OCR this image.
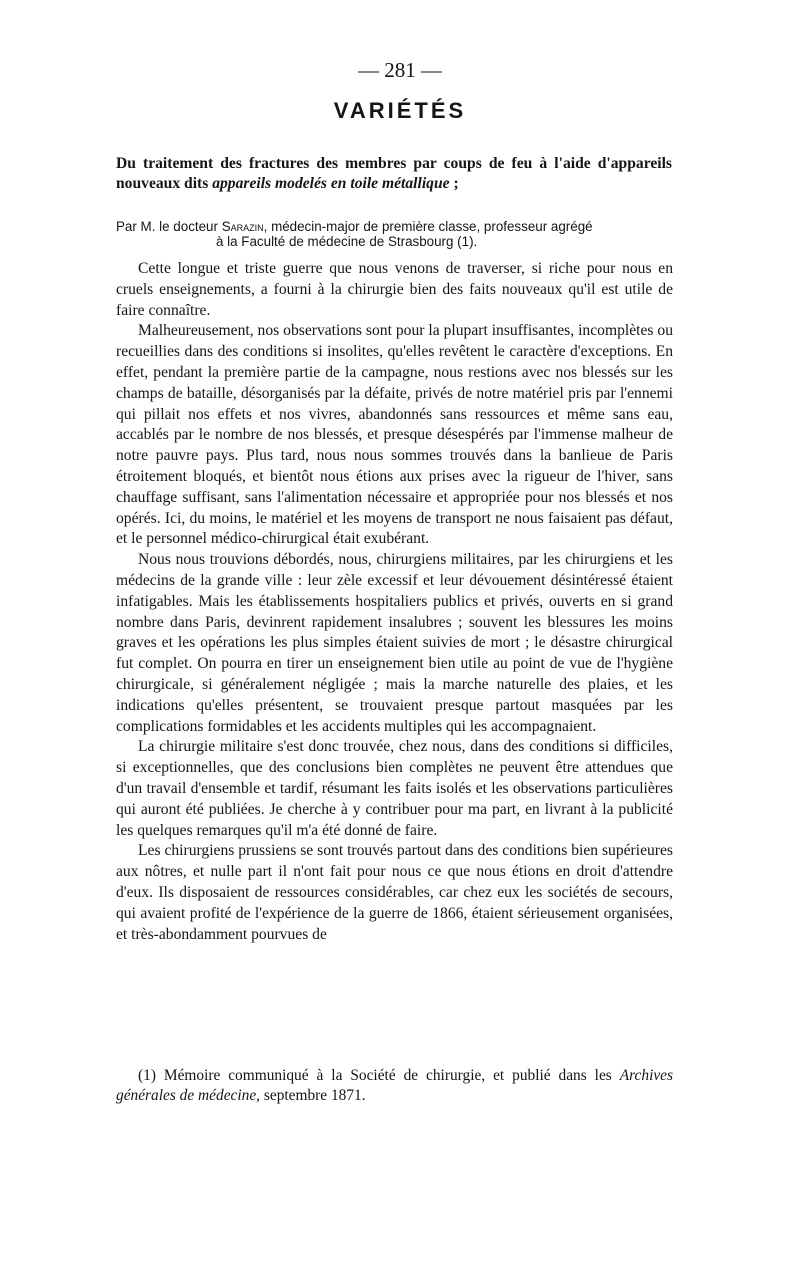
— 281 —
VARIÉTÉS
Du traitement des fractures des membres par coups de feu à l'aide d'appareils nouveaux dits appareils modelés en toile métallique ;
Par M. le docteur Sarazin, médecin-major de première classe, professeur agrégé
à la Faculté de médecine de Strasbourg (1).

Cette longue et triste guerre que nous venons de traverser, si riche pour nous en cruels enseignements, a fourni à la chirurgie bien des faits nouveaux qu'il est utile de faire connaître.

Malheureusement, nos observations sont pour la plupart insuffisantes, incomplètes ou recueillies dans des conditions si insolites, qu'elles revêtent le caractère d'exceptions. En effet, pendant la première partie de la campagne, nous restions avec nos blessés sur les champs de bataille, désorganisés par la défaite, privés de notre matériel pris par l'ennemi qui pillait nos effets et nos vivres, abandonnés sans ressources et même sans eau, accablés par le nombre de nos blessés, et presque désespérés par l'immense malheur de notre pauvre pays. Plus tard, nous nous sommes trouvés dans la banlieue de Paris étroitement bloqués, et bientôt nous étions aux prises avec la rigueur de l'hiver, sans chauffage suffisant, sans l'alimentation nécessaire et appropriée pour nos blessés et nos opérés. Ici, du moins, le matériel et les moyens de transport ne nous faisaient pas défaut, et le personnel médico-chirurgical était exubérant.

Nous nous trouvions débordés, nous, chirurgiens militaires, par les chirurgiens et les médecins de la grande ville : leur zèle excessif et leur dévouement désintéressé étaient infatigables. Mais les établissements hospitaliers publics et privés, ouverts en si grand nombre dans Paris, devinrent rapidement insalubres ; souvent les blessures les moins graves et les opérations les plus simples étaient suivies de mort ; le désastre chirurgical fut complet. On pourra en tirer un enseignement bien utile au point de vue de l'hygiène chirurgicale, si généralement négligée ; mais la marche naturelle des plaies, et les indications qu'elles présentent, se trouvaient presque partout masquées par les complications formidables et les accidents multiples qui les accompagnaient.

La chirurgie militaire s'est donc trouvée, chez nous, dans des conditions si difficiles, si exceptionnelles, que des conclusions bien complètes ne peuvent être attendues que d'un travail d'ensemble et tardif, résumant les faits isolés et les observations particulières qui auront été publiées. Je cherche à y contribuer pour ma part, en livrant à la publicité les quelques remarques qu'il m'a été donné de faire.

Les chirurgiens prussiens se sont trouvés partout dans des conditions bien supérieures aux nôtres, et nulle part il n'ont fait pour nous ce que nous étions en droit d'attendre d'eux. Ils disposaient de ressources considérables, car chez eux les sociétés de secours, qui avaient profité de l'expérience de la guerre de 1866, étaient sérieusement organisées, et très-abondamment pourvues de

(1) Mémoire communiqué à la Société de chirurgie, et publié dans les Archives générales de médecine, septembre 1871.
